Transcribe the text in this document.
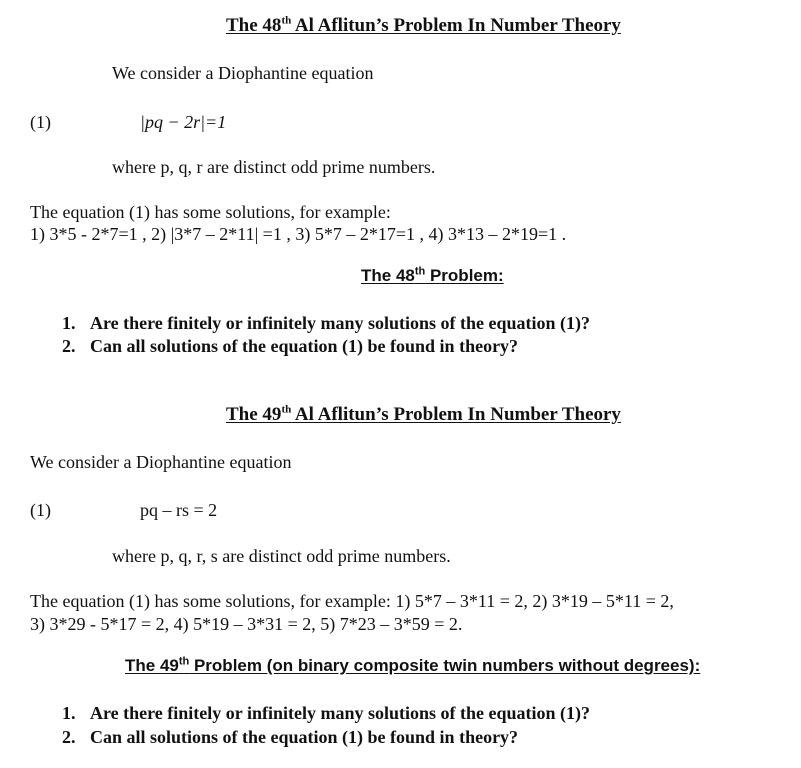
The 48th Al Aflitun’s Problem In Number Theory
We consider a Diophantine equation
(1)	|pq − 2r|=1
where p, q, r are distinct odd prime numbers.
The equation (1) has some solutions, for example:
1) 3*5 - 2*7=1 , 2) |3*7 – 2*11| =1 , 3) 5*7 – 2*17=1 , 4) 3*13 – 2*19=1 .
The 48th Problem:
1. Are there finitely or infinitely many solutions of the equation (1)?
2. Can all solutions of the equation (1) be found in theory?
The 49th Al Aflitun’s Problem In Number Theory
We consider a Diophantine equation
(1)	pq – rs = 2
where p, q, r, s are distinct odd prime numbers.
The equation (1) has some solutions, for example: 1) 5*7 – 3*11 = 2, 2) 3*19 – 5*11 = 2,
3) 3*29 - 5*17 = 2, 4) 5*19 – 3*31 = 2, 5) 7*23 – 3*59 = 2.
The 49th Problem (on binary composite twin numbers without degrees):
1. Are there finitely or infinitely many solutions of the equation (1)?
2. Can all solutions of the equation (1) be found in theory?
